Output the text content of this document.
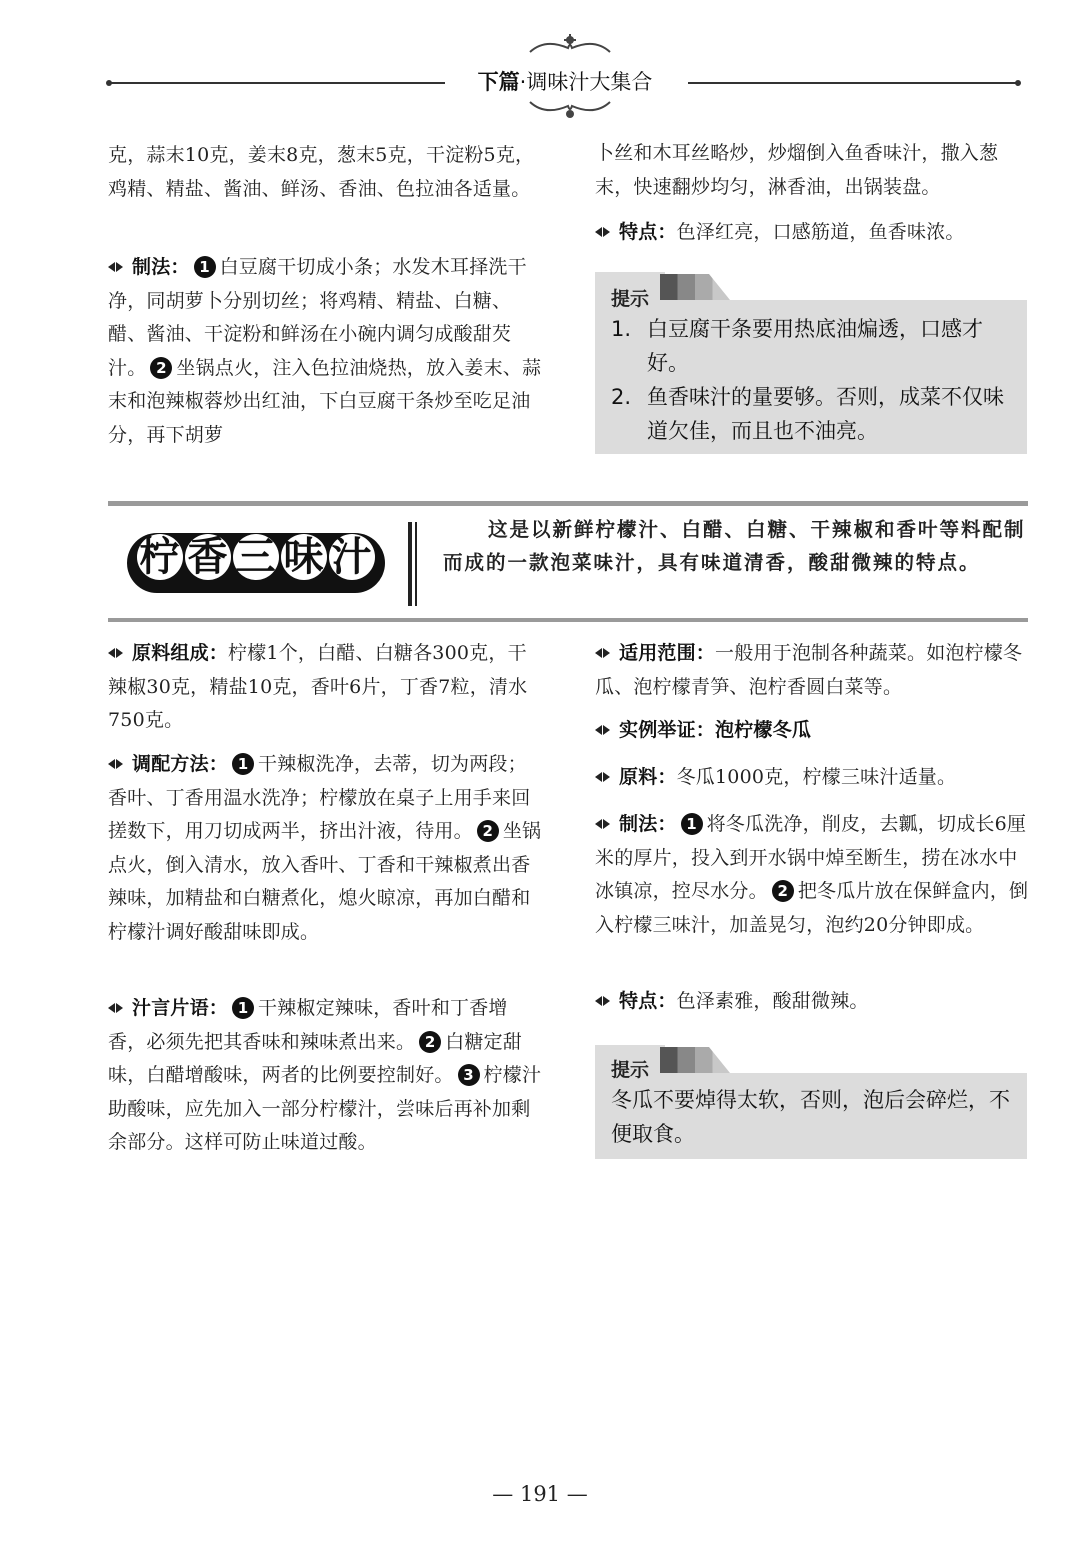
下篇·调味汁大集合
克，蒜末10克，姜末8克，葱末5克，干淀粉5克，鸡精、精盐、酱油、鲜汤、香油、色拉油各适量。
制法： 1 白豆腐干切成小条；水发木耳择洗干净，同胡萝卜分别切丝；将鸡精、精盐、白糖、醋、酱油、干淀粉和鲜汤在小碗内调匀成酸甜芡汁。 2 坐锅点火，注入色拉油烧热，放入姜末、蒜末和泡辣椒蓉炒出红油，下白豆腐干条炒至吃足油分，再下胡萝
卜丝和木耳丝略炒，炒熘倒入鱼香味汁，撒入葱末，快速翻炒均匀，淋香油，出锅装盘。
特点：色泽红亮，口感筋道，鱼香味浓。
提示
1. 白豆腐干条要用热底油煸透，口感才好。
2. 鱼香味汁的量要够。否则，成菜不仅味道欠佳，而且也不油亮。
柠 香 三 味 汁
这是以新鲜柠檬汁、白醋、白糖、干辣椒和香叶等料配制而成的一款泡菜味汁，具有味道清香，酸甜微辣的特点。
原料组成：柠檬1个，白醋、白糖各300克，干辣椒30克，精盐10克，香叶6片，丁香7粒，清水750克。
调配方法： 1 干辣椒洗净，去蒂，切为两段；香叶、丁香用温水洗净；柠檬放在桌子上用手来回搓数下，用刀切成两半，挤出汁液，待用。 2 坐锅点火，倒入清水，放入香叶、丁香和干辣椒煮出香辣味，加精盐和白糖煮化，熄火晾凉，再加白醋和柠檬汁调好酸甜味即成。
汁言片语： 1 干辣椒定辣味，香叶和丁香增香，必须先把其香味和辣味煮出来。 2 白糖定甜味，白醋增酸味，两者的比例要控制好。 3 柠檬汁助酸味，应先加入一部分柠檬汁，尝味后再补加剩余部分。这样可防止味道过酸。
适用范围：一般用于泡制各种蔬菜。如泡柠檬冬瓜、泡柠檬青笋、泡柠香圆白菜等。
实例举证：泡柠檬冬瓜
原料：冬瓜1000克，柠檬三味汁适量。
制法： 1 将冬瓜洗净，削皮，去瓤，切成长6厘米的厚片，投入到开水锅中焯至断生，捞在冰水中冰镇凉，控尽水分。 2 把冬瓜片放在保鲜盒内，倒入柠檬三味汁，加盖晃匀，泡约20分钟即成。
特点：色泽素雅，酸甜微辣。
提示
冬瓜不要焯得太软，否则，泡后会碎烂，不便取食。
— 191 —
